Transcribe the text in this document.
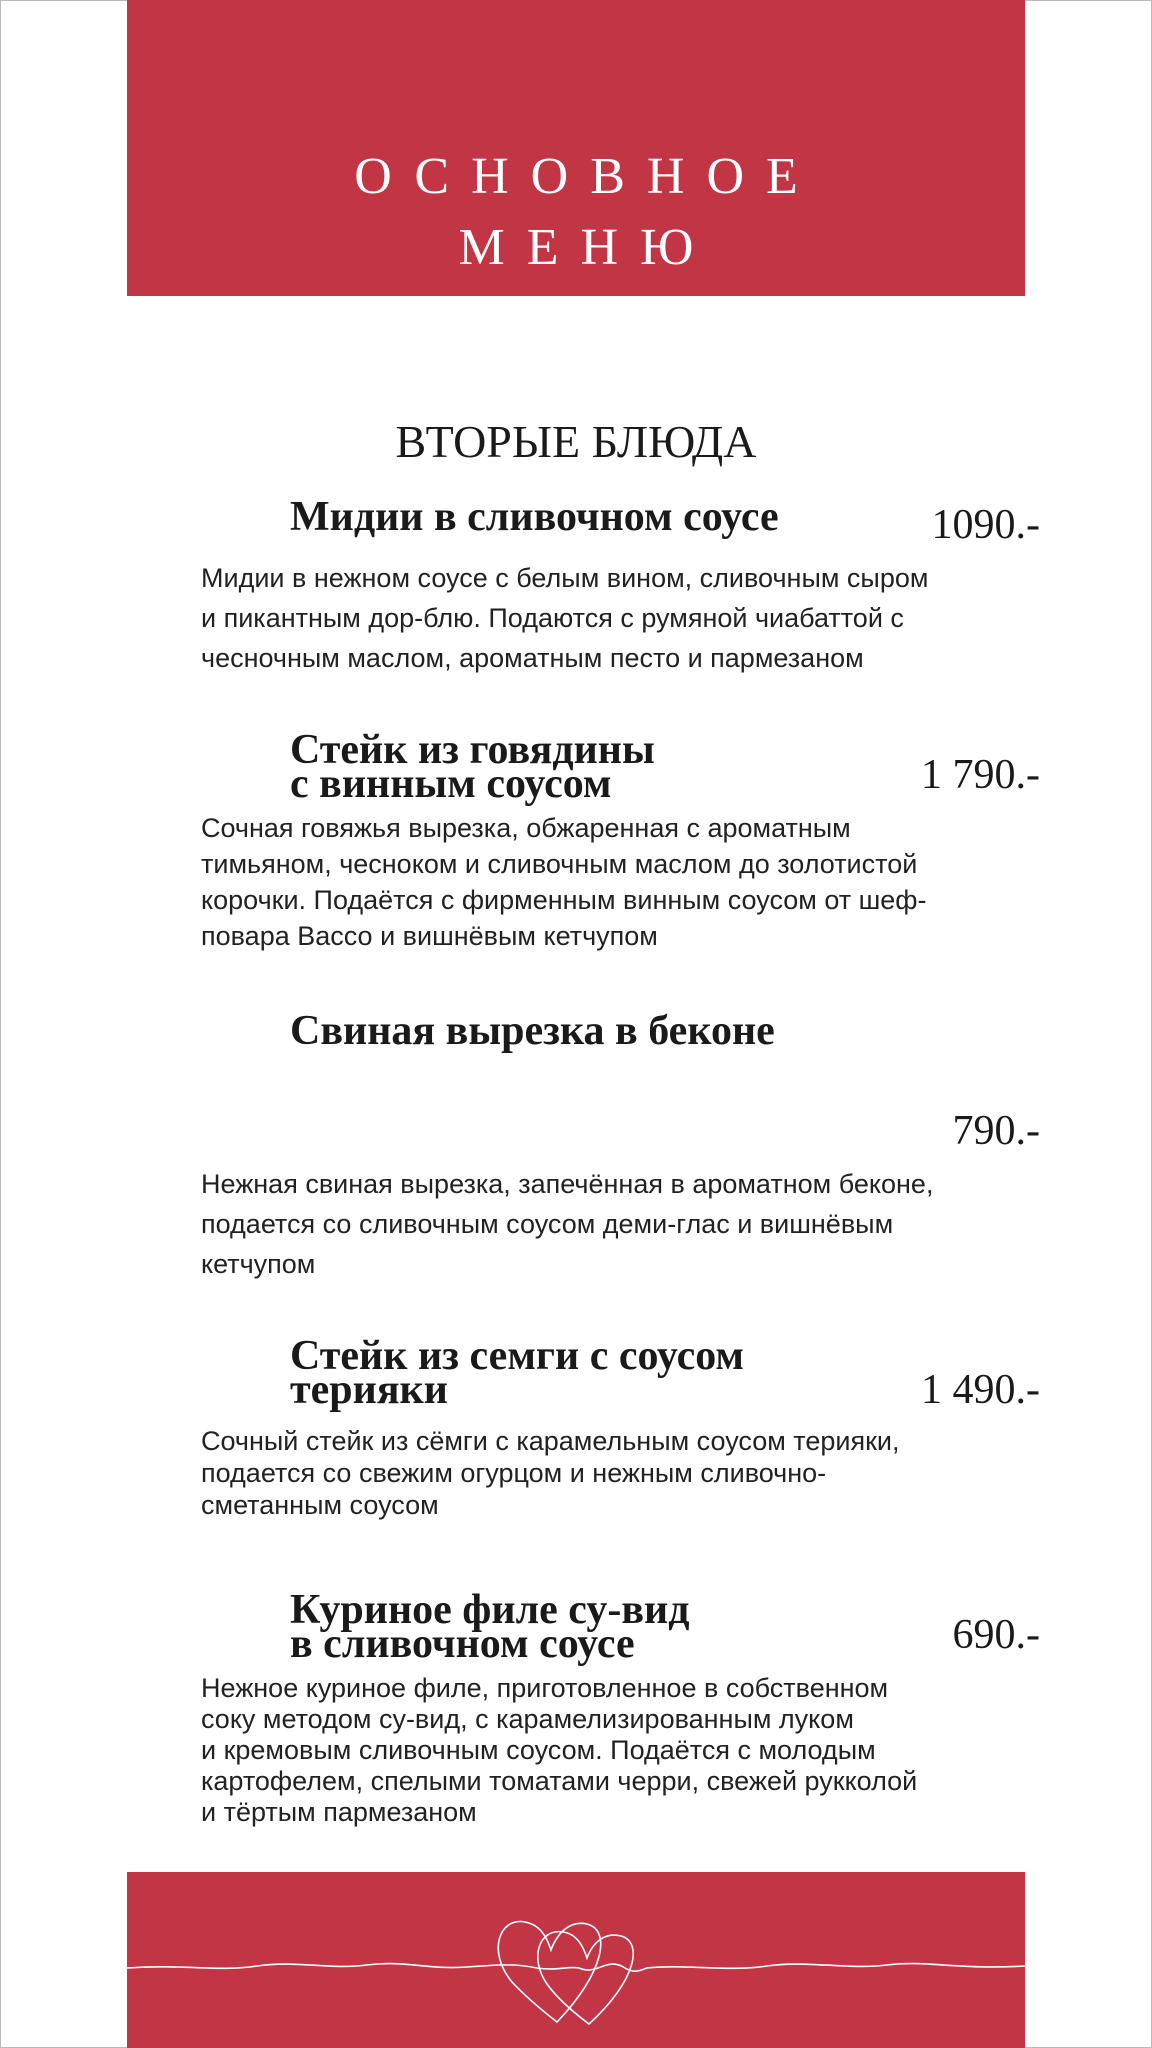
ОСНОВНОЕ
МЕНЮ
ВТОРЫЕ БЛЮДА
Мидии в сливочном соусе	1090.-
Мидии в нежном соусе с белым вином, сливочным сыром
и пикантным дор-блю. Подаются с румяной чиабаттой с
чесночным маслом, ароматным песто и пармезаном
Стейк из говядины
с винным соусом	1 790.-
Сочная говяжья вырезка, обжаренная с ароматным
тимьяном, чесноком и сливочным маслом до золотистой
корочки. Подаётся с фирменным винным соусом от шеф-
повара Вассо и вишнёвым кетчупом
Свиная вырезка в беконе
790.-
Нежная свиная вырезка, запечённая в ароматном беконе,
подается со сливочным соусом деми-глас и вишнёвым
кетчупом
Стейк из семги с соусом
терияки	1 490.-
Сочный стейк из сёмги с карамельным соусом терияки,
подается со свежим огурцом и нежным сливочно-
сметанным соусом
Куриное филе су-вид
в сливочном соусе	690.-
Нежное куриное филе, приготовленное в собственном
соку методом су-вид, с карамелизированным луком
и кремовым сливочным соусом. Подаётся с молодым
картофелем, спелыми томатами черри, свежей рукколой
и тёртым пармезаном
